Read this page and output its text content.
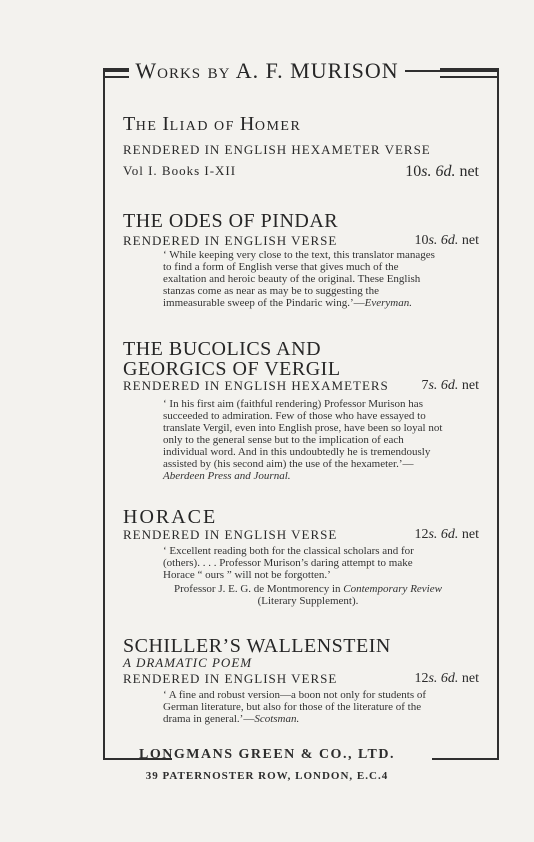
WORKS BY A. F. MURISON
THE ILIAD OF HOMER
RENDERED IN ENGLISH HEXAMETER VERSE
Vol I. Books I-XII	10s. 6d. net
THE ODES OF PINDAR
RENDERED IN ENGLISH VERSE	10s. 6d. net
‘ While keeping very close to the text, this translator manages to find a form of English verse that gives much of the exaltation and heroic beauty of the original. These English stanzas come as near as may be to suggesting the immeasurable sweep of the Pindaric wing.’—Everyman.
THE BUCOLICS AND
GEORGICS OF VERGIL
RENDERED IN ENGLISH HEXAMETERS 7s. 6d. net
‘ In his first aim (faithful rendering) Professor Murison has succeeded to admiration. Few of those who have essayed to translate Vergil, even into English prose, have been so loyal not only to the general sense but to the implication of each individual word. And in this undoubtedly he is tremendously assisted by (his second aim) the use of the hexameter.’—Aberdeen Press and Journal.
HORACE
RENDERED IN ENGLISH VERSE	12s. 6d. net
‘ Excellent reading both for the classical scholars and for (others). . . . Professor Murison’s daring attempt to make Horace “ ours ” will not be forgotten.’
Professor J. E. G. de Montmorency in Contemporary Review (Literary Supplement).
SCHILLER’S WALLENSTEIN
A DRAMATIC POEM
RENDERED IN ENGLISH VERSE	12s. 6d. net
‘ A fine and robust version—a boon not only for students of German literature, but also for those of the literature of the drama in general.’—Scotsman.
LONGMANS GREEN & CO., LTD.
39 PATERNOSTER ROW, LONDON, E.C.4
